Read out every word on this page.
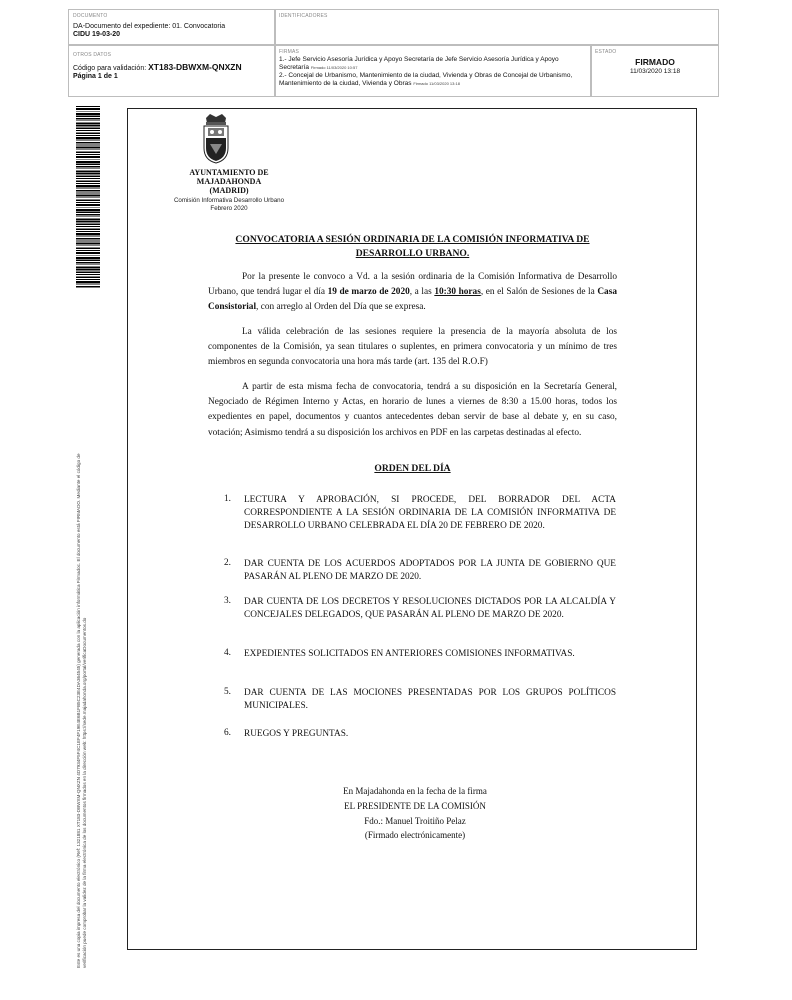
DOCUMENTO
DA-Documento del expediente: 01. Convocatoria
CIDU 19-03-20
IDENTIFICADORES
OTROS DATOS
Código para validación: XT183-DBWXM-QNXZN
Página 1 de 1
FIRMAS
1.- Jefe Servicio Asesoría Jurídica y Apoyo Secretaría de Jefe Servicio Asesoría Jurídica y Apoyo Secretaría Firmado 11/03/2020 10:57
2.- Concejal de Urbanismo, Mantenimiento de la ciudad, Vivienda y Obras de Concejal de Urbanismo, Mantenimiento de la ciudad, Vivienda y Obras Firmado 11/03/2020 13:18
ESTADO
FIRMADO
11/03/2020 13:18
Este es una copia impresa del documento electrónico (Ref: 1321881 XT183-DBWXM-QNXZN 4D7934F5F4C1EF4F19E4E6B1FB5C23E4DA364545) generada con la aplicación informática Firmadoc. El documento está FIRMADO. Mediante el código de verificación puede comprobar la validez de la firma electrónica de los documentos firmados en la dirección web: https://sede.majadahonda.org/portal/verificaDocumentos.do
AYUNTAMIENTO DE
MAJADAHONDA
(MADRID)
Comisión Informativa Desarrollo Urbano
Febrero 2020
CONVOCATORIA A SESIÓN ORDINARIA DE LA COMISIÓN INFORMATIVA DE
DESARROLLO URBANO.
Por la presente le convoco a Vd. a la sesión ordinaria de la Comisión Informativa de Desarrollo Urbano, que tendrá lugar el día 19 de marzo de 2020, a las 10:30 horas, en el Salón de Sesiones de la Casa Consistorial, con arreglo al Orden del Día que se expresa.
La válida celebración de las sesiones requiere la presencia de la mayoría absoluta de los componentes de la Comisión, ya sean titulares o suplentes, en primera convocatoria y un mínimo de tres miembros en segunda convocatoria una hora más tarde (art. 135 del R.O.F)
A partir de esta misma fecha de convocatoria, tendrá a su disposición en la Secretaría General, Negociado de Régimen Interno y Actas, en horario de lunes a viernes de 8:30 a 15.00 horas, todos los expedientes en papel, documentos y cuantos antecedentes deban servir de base al debate y, en su caso, votación; Asimismo tendrá a su disposición los archivos en PDF en las carpetas destinadas al efecto.
ORDEN DEL DÍA
1. LECTURA Y APROBACIÓN, SI PROCEDE, DEL BORRADOR DEL ACTA CORRESPONDIENTE A LA SESIÓN ORDINARIA DE LA COMISIÓN INFORMATIVA DE DESARROLLO URBANO CELEBRADA EL DÍA 20 DE FEBRERO DE 2020.
2. DAR CUENTA DE LOS ACUERDOS ADOPTADOS POR LA JUNTA DE GOBIERNO QUE PASARÁN AL PLENO DE MARZO DE 2020.
3. DAR CUENTA DE LOS DECRETOS Y RESOLUCIONES DICTADOS POR LA ALCALDÍA Y CONCEJALES DELEGADOS, QUE PASARÁN AL PLENO DE MARZO DE 2020.
4. EXPEDIENTES SOLICITADOS EN ANTERIORES COMISIONES INFORMATIVAS.
5. DAR CUENTA DE LAS MOCIONES PRESENTADAS POR LOS GRUPOS POLÍTICOS MUNICIPALES.
6. RUEGOS Y PREGUNTAS.
En Majadahonda en la fecha de la firma
EL PRESIDENTE DE LA COMISIÓN
Fdo.: Manuel Troitiño Pelaz
(Firmado electrónicamente)
